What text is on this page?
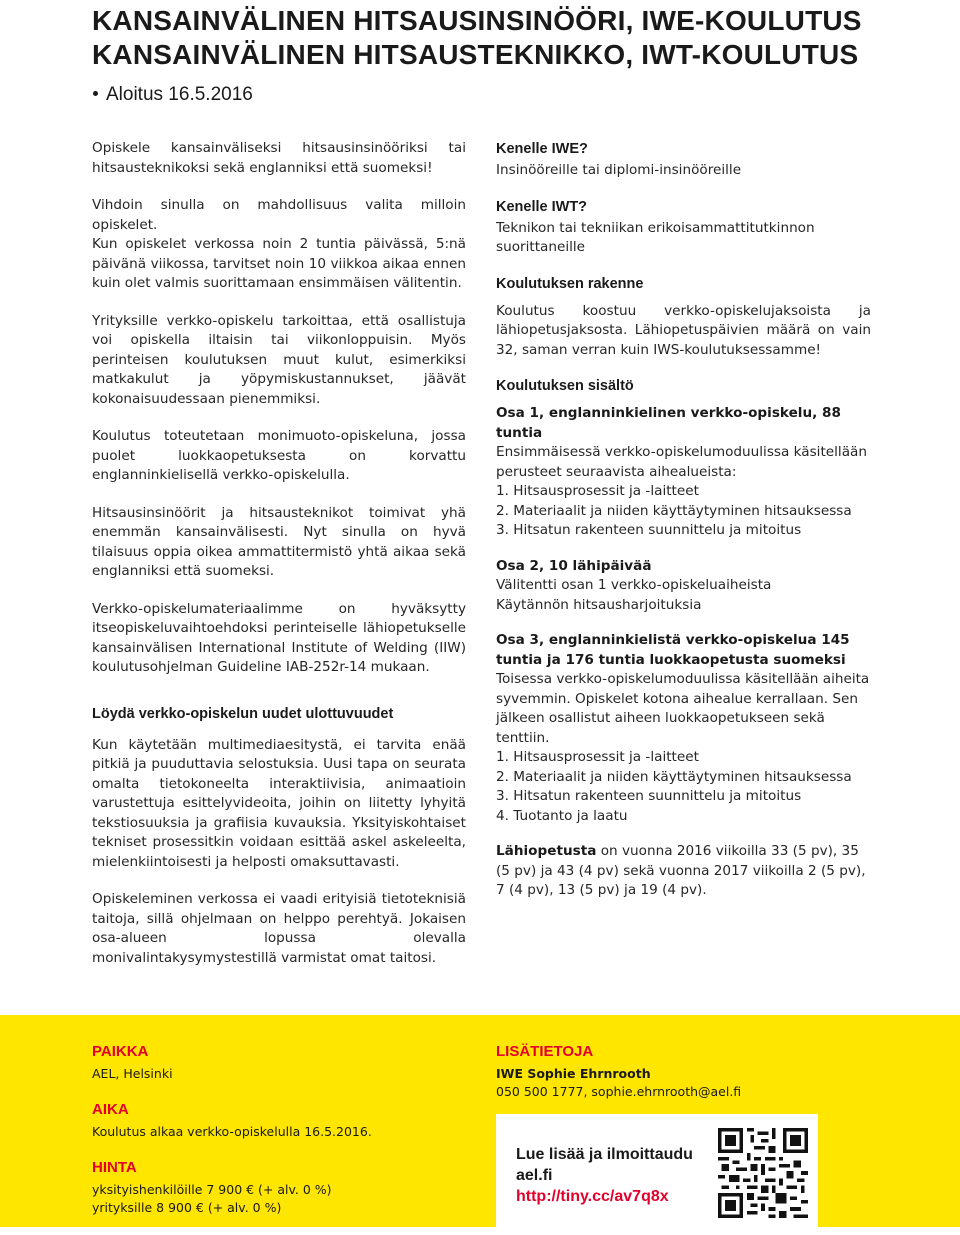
KANSAINVÄLINEN HITSAUSINSINÖÖRI, IWE-KOULUTUS
KANSAINVÄLINEN HITSAUSTEKNIKKO, IWT-KOULUTUS
Aloitus 16.5.2016

Opiskele kansainväliseksi hitsausinsinööriksi tai hitsausteknikoksi sekä englanniksi että suomeksi!

Vihdoin sinulla on mahdollisuus valita milloin opiskelet.
Kun opiskelet verkossa noin 2 tuntia päivässä, 5:nä päivänä viikossa, tarvitset noin 10 viikkoa aikaa ennen kuin olet valmis suorittamaan ensimmäisen välitentin.

Yrityksille verkko-opiskelu tarkoittaa, että osallistuja voi opiskella iltaisin tai viikonloppuisin. Myös perinteisen koulutuksen muut kulut, esimerkiksi matkakulut ja yöpymiskustannukset, jäävät kokonaisuudessaan pienemmiksi.

Koulutus toteutetaan monimuoto-opiskeluna, jossa puolet luokkaopetuksesta on korvattu englanninkielisellä verkko-opiskelulla.

Hitsausinsinöörit ja hitsausteknikot toimivat yhä enemmän kansainvälisesti. Nyt sinulla on hyvä tilaisuus oppia oikea ammattitermistö yhtä aikaa sekä englanniksi että suomeksi.

Verkko-opiskelumateriaalimme on hyväksytty itseopiskeluvaihtoehdoksi perinteiselle lähiopetukselle kansainvälisen International Institute of Welding (IIW) koulutusohjelman Guideline IAB-252r-14 mukaan.

Löydä verkko-opiskelun uudet ulottuvuudet

Kun käytetään multimediaesitystä, ei tarvita enää pitkiä ja puuduttavia selostuksia. Uusi tapa on seurata omalta tietokoneelta interaktiivisia, animaatioin varustettuja esittelyvideoita, joihin on liitetty lyhyitä tekstiosuuksia ja grafiisia kuvauksia. Yksityiskohtaiset tekniset prosessitkin voidaan esittää askel askeleelta, mielenkiintoisesti ja helposti omaksuttavasti.

Opiskeleminen verkossa ei vaadi erityisiä tietoteknisiä taitoja, sillä ohjelmaan on helppo perehtyä. Jokaisen osa-alueen lopussa olevalla monivalintakysymystestillä varmistat omat taitosi.

Kenelle IWE?
Insinööreille tai diplomi-insinööreille
Kenelle IWT?
Teknikon tai tekniikan erikoisammattitutkinnon suorittaneille
Koulutuksen rakenne
Koulutus koostuu verkko-opiskelujaksoista ja lähiopetusjaksosta. Lähiopetuspäivien määrä on vain 32, saman verran kuin IWS-koulutuksessamme!
Koulutuksen sisältö
Osa 1, englanninkielinen verkko-opiskelu, 88 tuntia
Ensimmäisessä verkko-opiskelumoduulissa käsitellään perusteet seuraavista aihealueista:
1. Hitsausprosessit ja -laitteet
2. Materiaalit ja niiden käyttäytyminen hitsauksessa
3. Hitsatun rakenteen suunnittelu ja mitoitus
Osa 2, 10 lähipäivää
Välitentti osan 1 verkko-opiskeluaiheista
Käytännön hitsausharjoituksia
Osa 3, englanninkielistä verkko-opiskelua 145 tuntia ja 176 tuntia luokkaopetusta suomeksi
Toisessa verkko-opiskelumoduulissa käsitellään aiheita syvemmin. Opiskelet kotona aihealue kerrallaan. Sen jälkeen osallistut aiheen luokkaopetukseen sekä tenttiin.
1. Hitsausprosessit ja -laitteet
2. Materiaalit ja niiden käyttäytyminen hitsauksessa
3. Hitsatun rakenteen suunnittelu ja mitoitus
4. Tuotanto ja laatu
Lähiopetusta on vuonna 2016 viikoilla 33 (5 pv), 35 (5 pv) ja 43 (4 pv) sekä vuonna 2017 viikoilla 2 (5 pv), 7 (4 pv), 13 (5 pv) ja 19 (4 pv).
PAIKKA
AEL, Helsinki
AIKA
Koulutus alkaa verkko-opiskelulla 16.5.2016.
HINTA
yksityishenkilöille 7 900 € (+ alv. 0 %)
yrityksille 8 900 € (+ alv. 0 %)
LISÄTIETOJA
IWE Sophie Ehrnrooth
050 500 1777, sophie.ehrnrooth@ael.fi
Lue lisää ja ilmoittaudu
ael.fi
http://tiny.cc/av7q8x
